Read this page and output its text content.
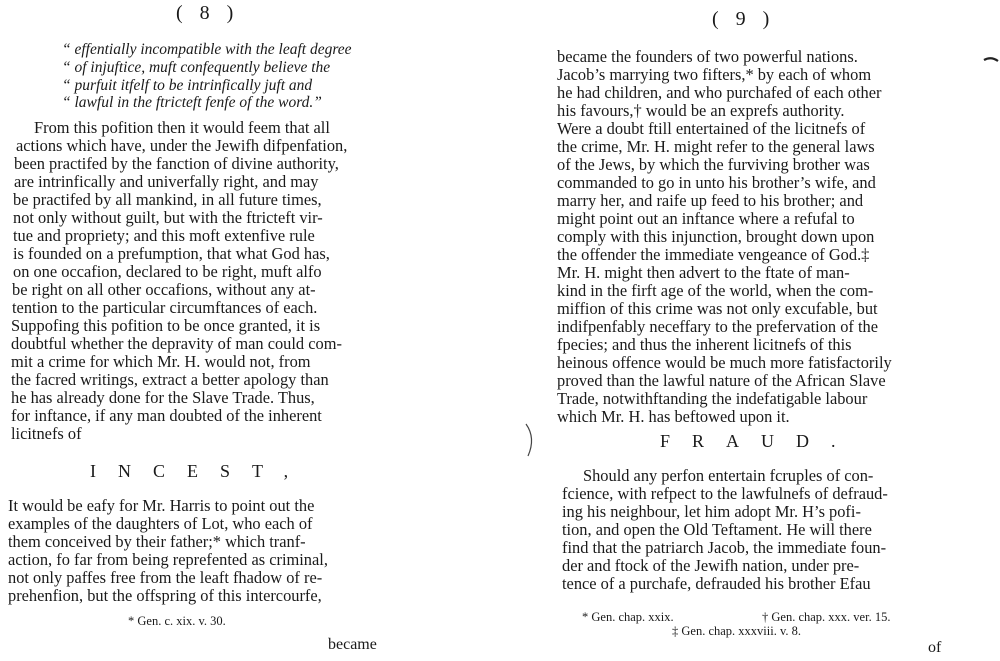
( 8 )
“ effentially incompatible with the leaft degree
“ of injuftice, muft confequently believe the
“ purfuit itfelf to be intrinfically juft and
“ lawful in the ftricteft fenfe of the word.”
From this pofition then it would feem that all
actions which have, under the Jewifh difpenfation,
been practifed by the fanction of divine authority,
are intrinfically and univerfally right, and may
be practifed by all mankind, in all future times,
not only without guilt, but with the ftricteft vir-
tue and propriety; and this moft extenfive rule
is founded on a prefumption, that what God has,
on one occafion, declared to be right, muft alfo
be right on all other occafions, without any at-
tention to the particular circumftances of each.
Suppofing this pofition to be once granted, it is
doubtful whether the depravity of man could com-
mit a crime for which Mr. H. would not, from
the facred writings, extract a better apology than
he has already done for the Slave Trade. Thus,
for inftance, if any man doubted of the inherent
licitnefs of
INCEST,
It would be eafy for Mr. Harris to point out the
examples of the daughters of Lot, who each of
them conceived by their father;* which tranf-
action, fo far from being reprefented as criminal,
not only paffes free from the leaft fhadow of re-
prehenfion, but the offspring of this intercourfe,
* Gen. c. xix. v. 30.
became
( 9 )
became the founders of two powerful nations.
Jacob’s marrying two fifters,* by each of whom
he had children, and who purchafed of each other
his favours,† would be an exprefs authority.
Were a doubt ftill entertained of the licitnefs of
the crime, Mr. H. might refer to the general laws
of the Jews, by which the furviving brother was
commanded to go in unto his brother’s wife, and
marry her, and raife up feed to his brother; and
might point out an inftance where a refufal to
comply with this injunction, brought down upon
the offender the immediate vengeance of God.‡
Mr. H. might then advert to the ftate of man-
kind in the firft age of the world, when the com-
miffion of this crime was not only excufable, but
indifpenfably neceffary to the prefervation of the
fpecies; and thus the inherent licitnefs of this
heinous offence would be much more fatisfactorily
proved than the lawful nature of the African Slave
Trade, notwithftanding the indefatigable labour
which Mr. H. has beftowed upon it.
FRAUD.
Should any perfon entertain fcruples of con-
fcience, with refpect to the lawfulnefs of defraud-
ing his neighbour, let him adopt Mr. H’s pofi-
tion, and open the Old Teftament. He will there
find that the patriarch Jacob, the immediate foun-
der and ftock of the Jewifh nation, under pre-
tence of a purchafe, defrauded his brother Efau
* Gen. chap. xxix.	† Gen. chap. xxx. ver. 15.
‡ Gen. chap. xxxviii. v. 8.
of
